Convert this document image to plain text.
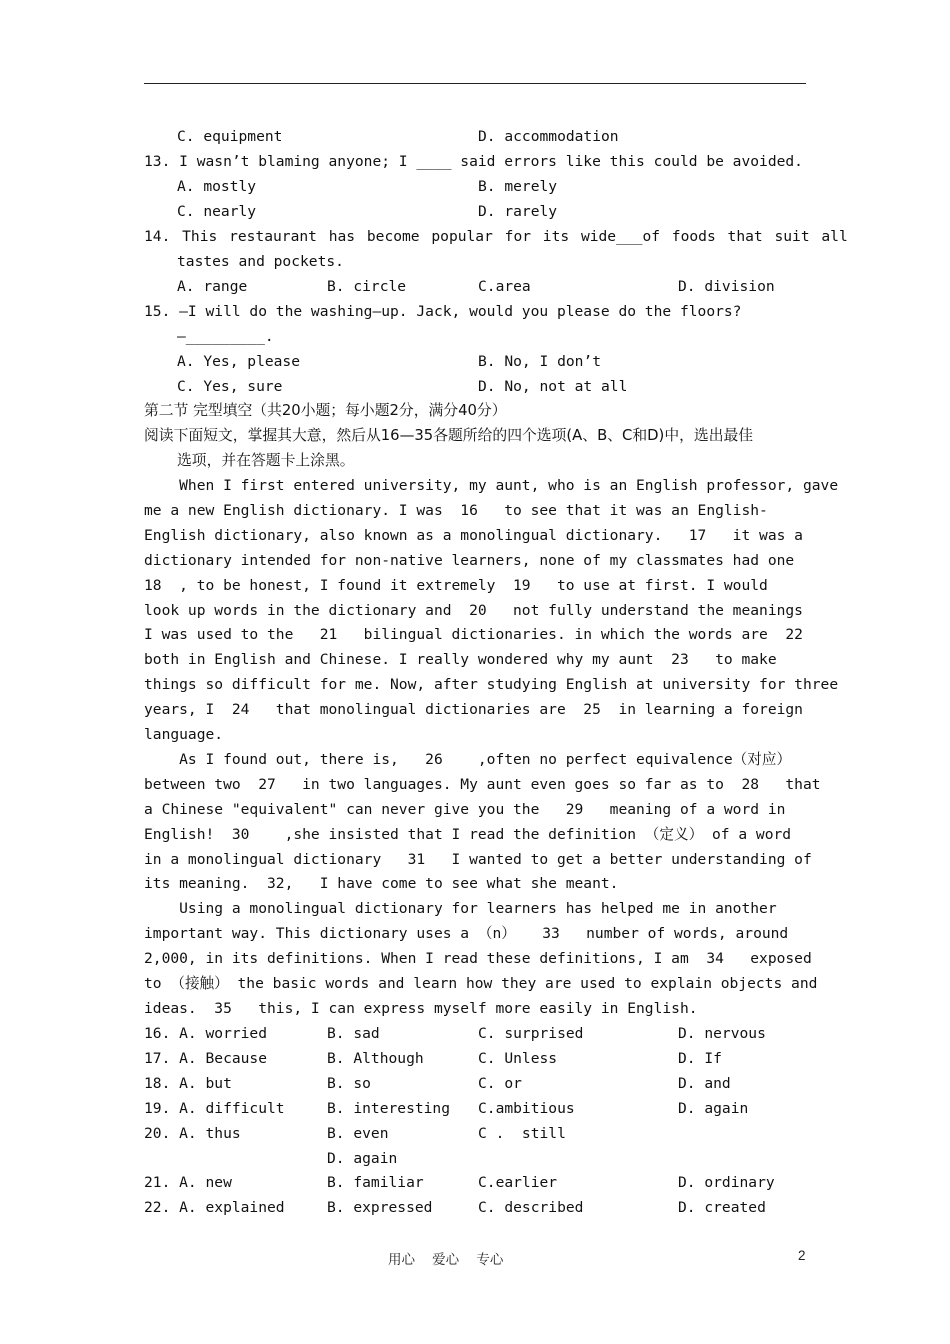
C. equipment	D. accommodation
13. I wasn’t blaming anyone; I ____ said errors like this could be avoided.
A. mostly	B. merely
C. nearly	D. rarely
14. This restaurant has become popular for its wide___of foods that suit all
tastes and pockets.
A. range	B. circle	C.area	D. division
15. —I will do the washing—up. Jack, would you please do the floors?
—_________.
A. Yes, please	B. No, I don’t
C. Yes, sure	D. No, not at all
第二节 完型填空（共20小题；每小题2分，满分40分）
阅读下面短文，掌握其大意，然后从16—35各题所给的四个选项(A、B、C和D)中，选出最佳
选项，并在答题卡上涂黑。
When I first entered university, my aunt, who is an English professor, gave
me a new English dictionary. I was  16   to see that it was an English-
English dictionary, also known as a monolingual dictionary.   17   it was a
dictionary intended for non-native learners, none of my classmates had one
18  , to be honest, I found it extremely  19   to use at first. I would
look up words in the dictionary and  20   not fully understand the meanings
I was used to the   21   bilingual dictionaries. in which the words are  22
both in English and Chinese. I really wondered why my aunt  23   to make
things so difficult for me. Now, after studying English at university for three
years, I  24   that monolingual dictionaries are  25  in learning a foreign
language.
As I found out, there is,   26    ,often no perfect equivalence（对应）
between two  27   in two languages. My aunt even goes so far as to  28   that
a Chinese "equivalent" can never give you the   29   meaning of a word in
English!  30    ,she insisted that I read the definition （定义） of a word
in a monolingual dictionary   31   I wanted to get a better understanding of
its meaning.  32,   I have come to see what she meant.
Using a monolingual dictionary for learners has helped me in another
important way. This dictionary uses a （n）   33   number of words, around
2,000, in its definitions. When I read these definitions, I am  34   exposed
to （接触） the basic words and learn how they are used to explain objects and
ideas.  35   this, I can express myself more easily in English.
16. A. worried	B. sad	C. surprised	D. nervous
17. A. Because	B. Although	C. Unless	D. If
18. A. but	B. so	C. or	D. and
19. A. difficult	B. interesting C.ambitious	D. again
20. A. thus	B. even	C .  still
D. again
21. A. new	B. familiar	C.earlier	D. ordinary
22. A. explained	B. expressed	C. described	D. created
用心    爱心    专心	2
